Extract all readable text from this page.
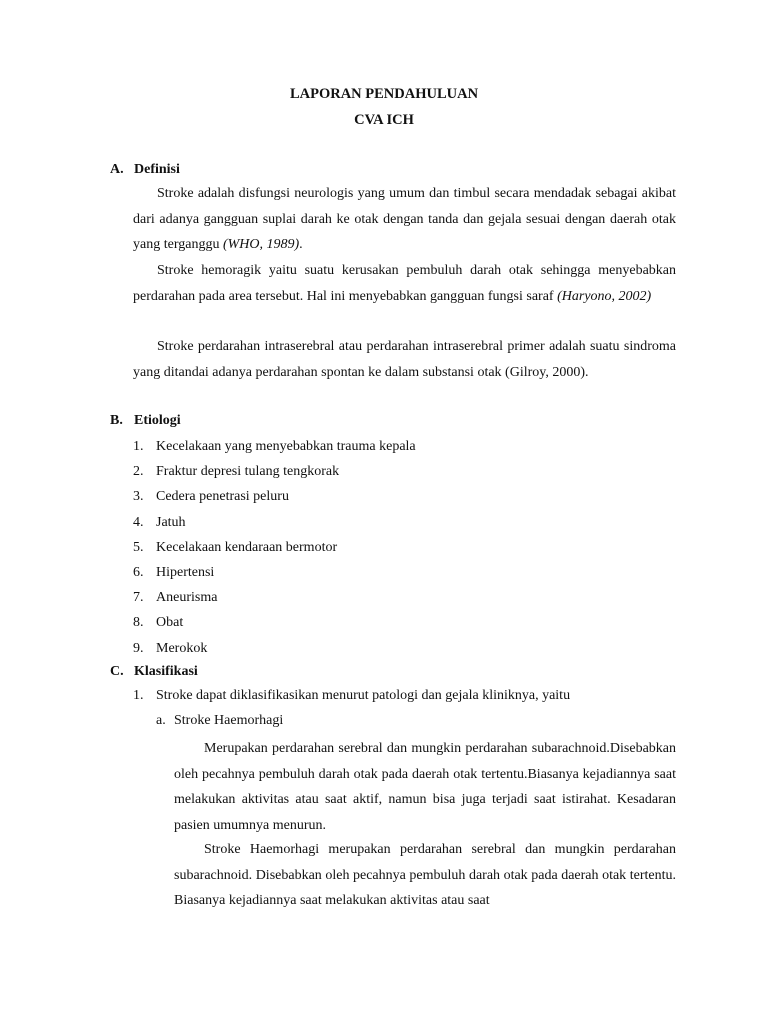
LAPORAN PENDAHULUAN
CVA ICH
A. Definisi

Stroke adalah disfungsi neurologis yang umum dan timbul secara mendadak sebagai akibat dari adanya gangguan suplai darah ke otak dengan tanda dan gejala sesuai dengan daerah otak yang terganggu (WHO, 1989).

Stroke hemoragik yaitu suatu kerusakan pembuluh darah otak sehingga menyebabkan perdarahan pada area tersebut. Hal ini menyebabkan gangguan fungsi saraf (Haryono, 2002)

Stroke perdarahan intraserebral atau perdarahan intraserebral primer adalah suatu sindroma yang ditandai adanya perdarahan spontan ke dalam substansi otak (Gilroy, 2000).

B. Etiologi
1. Kecelakaan yang menyebabkan trauma kepala
2. Fraktur depresi tulang tengkorak
3. Cedera penetrasi peluru
4. Jatuh
5. Kecelakaan kendaraan bermotor
6. Hipertensi
7. Aneurisma
8. Obat
9. Merokok
C. Klasifikasi
1. Stroke dapat diklasifikasikan menurut patologi dan gejala kliniknya, yaitu
a. Stroke Haemorhagi

Merupakan perdarahan serebral dan mungkin perdarahan subarachnoid.Disebabkan oleh pecahnya pembuluh darah otak pada daerah otak tertentu.Biasanya kejadiannya saat melakukan aktivitas atau saat aktif, namun bisa juga terjadi saat istirahat. Kesadaran pasien umumnya menurun.

Stroke Haemorhagi merupakan perdarahan serebral dan mungkin perdarahan subarachnoid. Disebabkan oleh pecahnya pembuluh darah otak pada daerah otak tertentu. Biasanya kejadiannya saat melakukan aktivitas atau saat
